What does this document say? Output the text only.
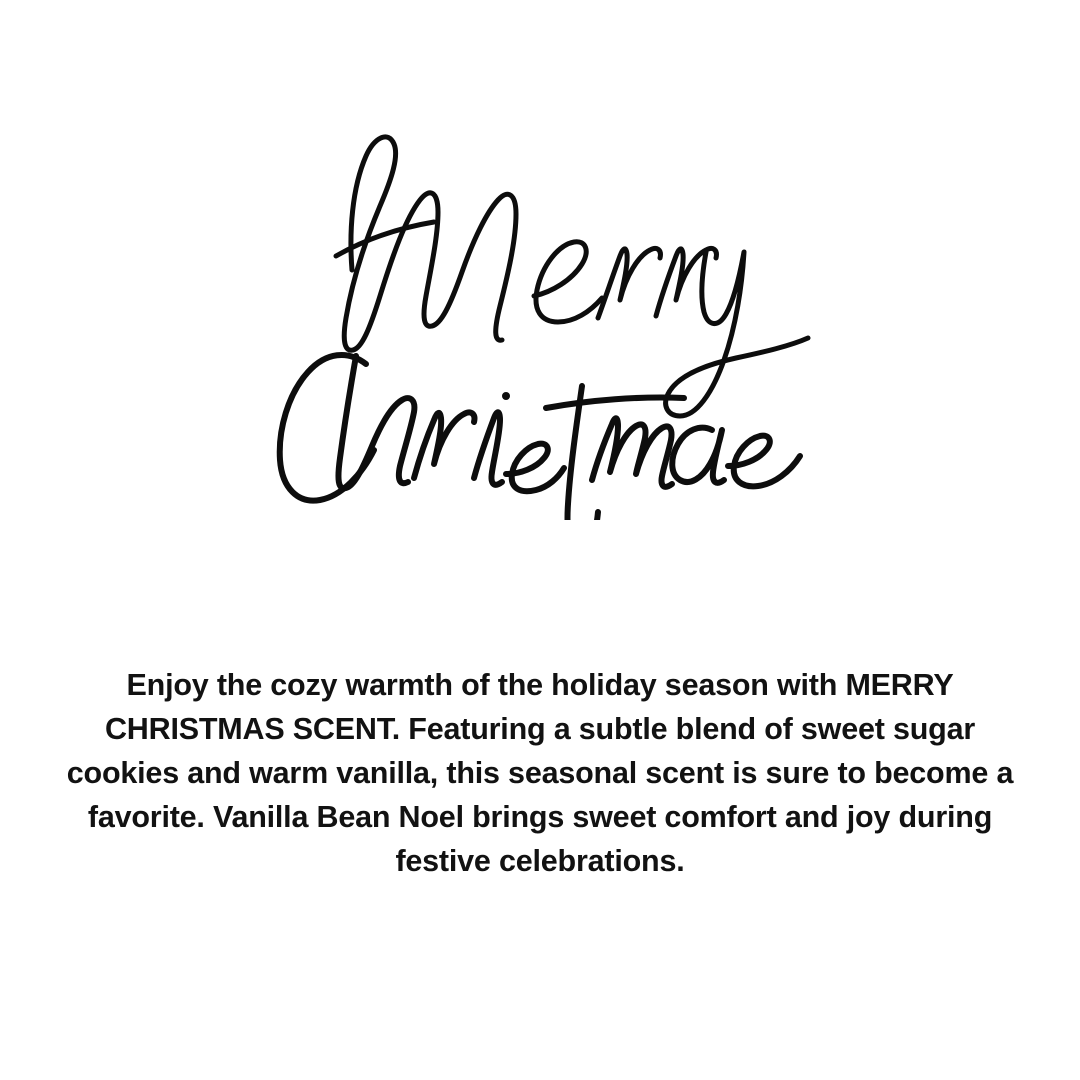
Enjoy the cozy warmth of the holiday season with MERRY CHRISTMAS SCENT. Featuring a subtle blend of sweet sugar cookies and warm vanilla, this seasonal scent is sure to become a favorite. Vanilla Bean Noel brings sweet comfort and joy during festive celebrations.
